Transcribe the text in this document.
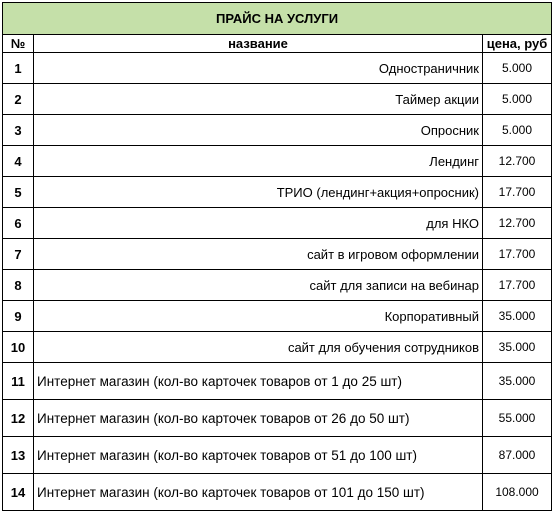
ПРАЙС НА УСЛУГИ		
№	название	цена, руб
1	Одностраничник	5.000
2	Таймер акции	5.000
3	Опросник	5.000
4	Лендинг	12.700
5	ТРИО (лендинг+акция+опросник)	17.700
6	для НКО	12.700
7	сайт в игровом оформлении	17.700
8	сайт для записи на вебинар	17.700
9	Корпоративный	35.000
10	сайт для обучения сотрудников	35.000
11	Интернет магазин (кол-во карточек товаров от 1 до 25 шт)	35.000
12	Интернет магазин (кол-во карточек товаров от 26 до 50 шт)	55.000
13	Интернет магазин (кол-во карточек товаров от 51 до 100 шт)	87.000
14	Интернет магазин (кол-во карточек товаров от 101 до 150 шт)	108.000
